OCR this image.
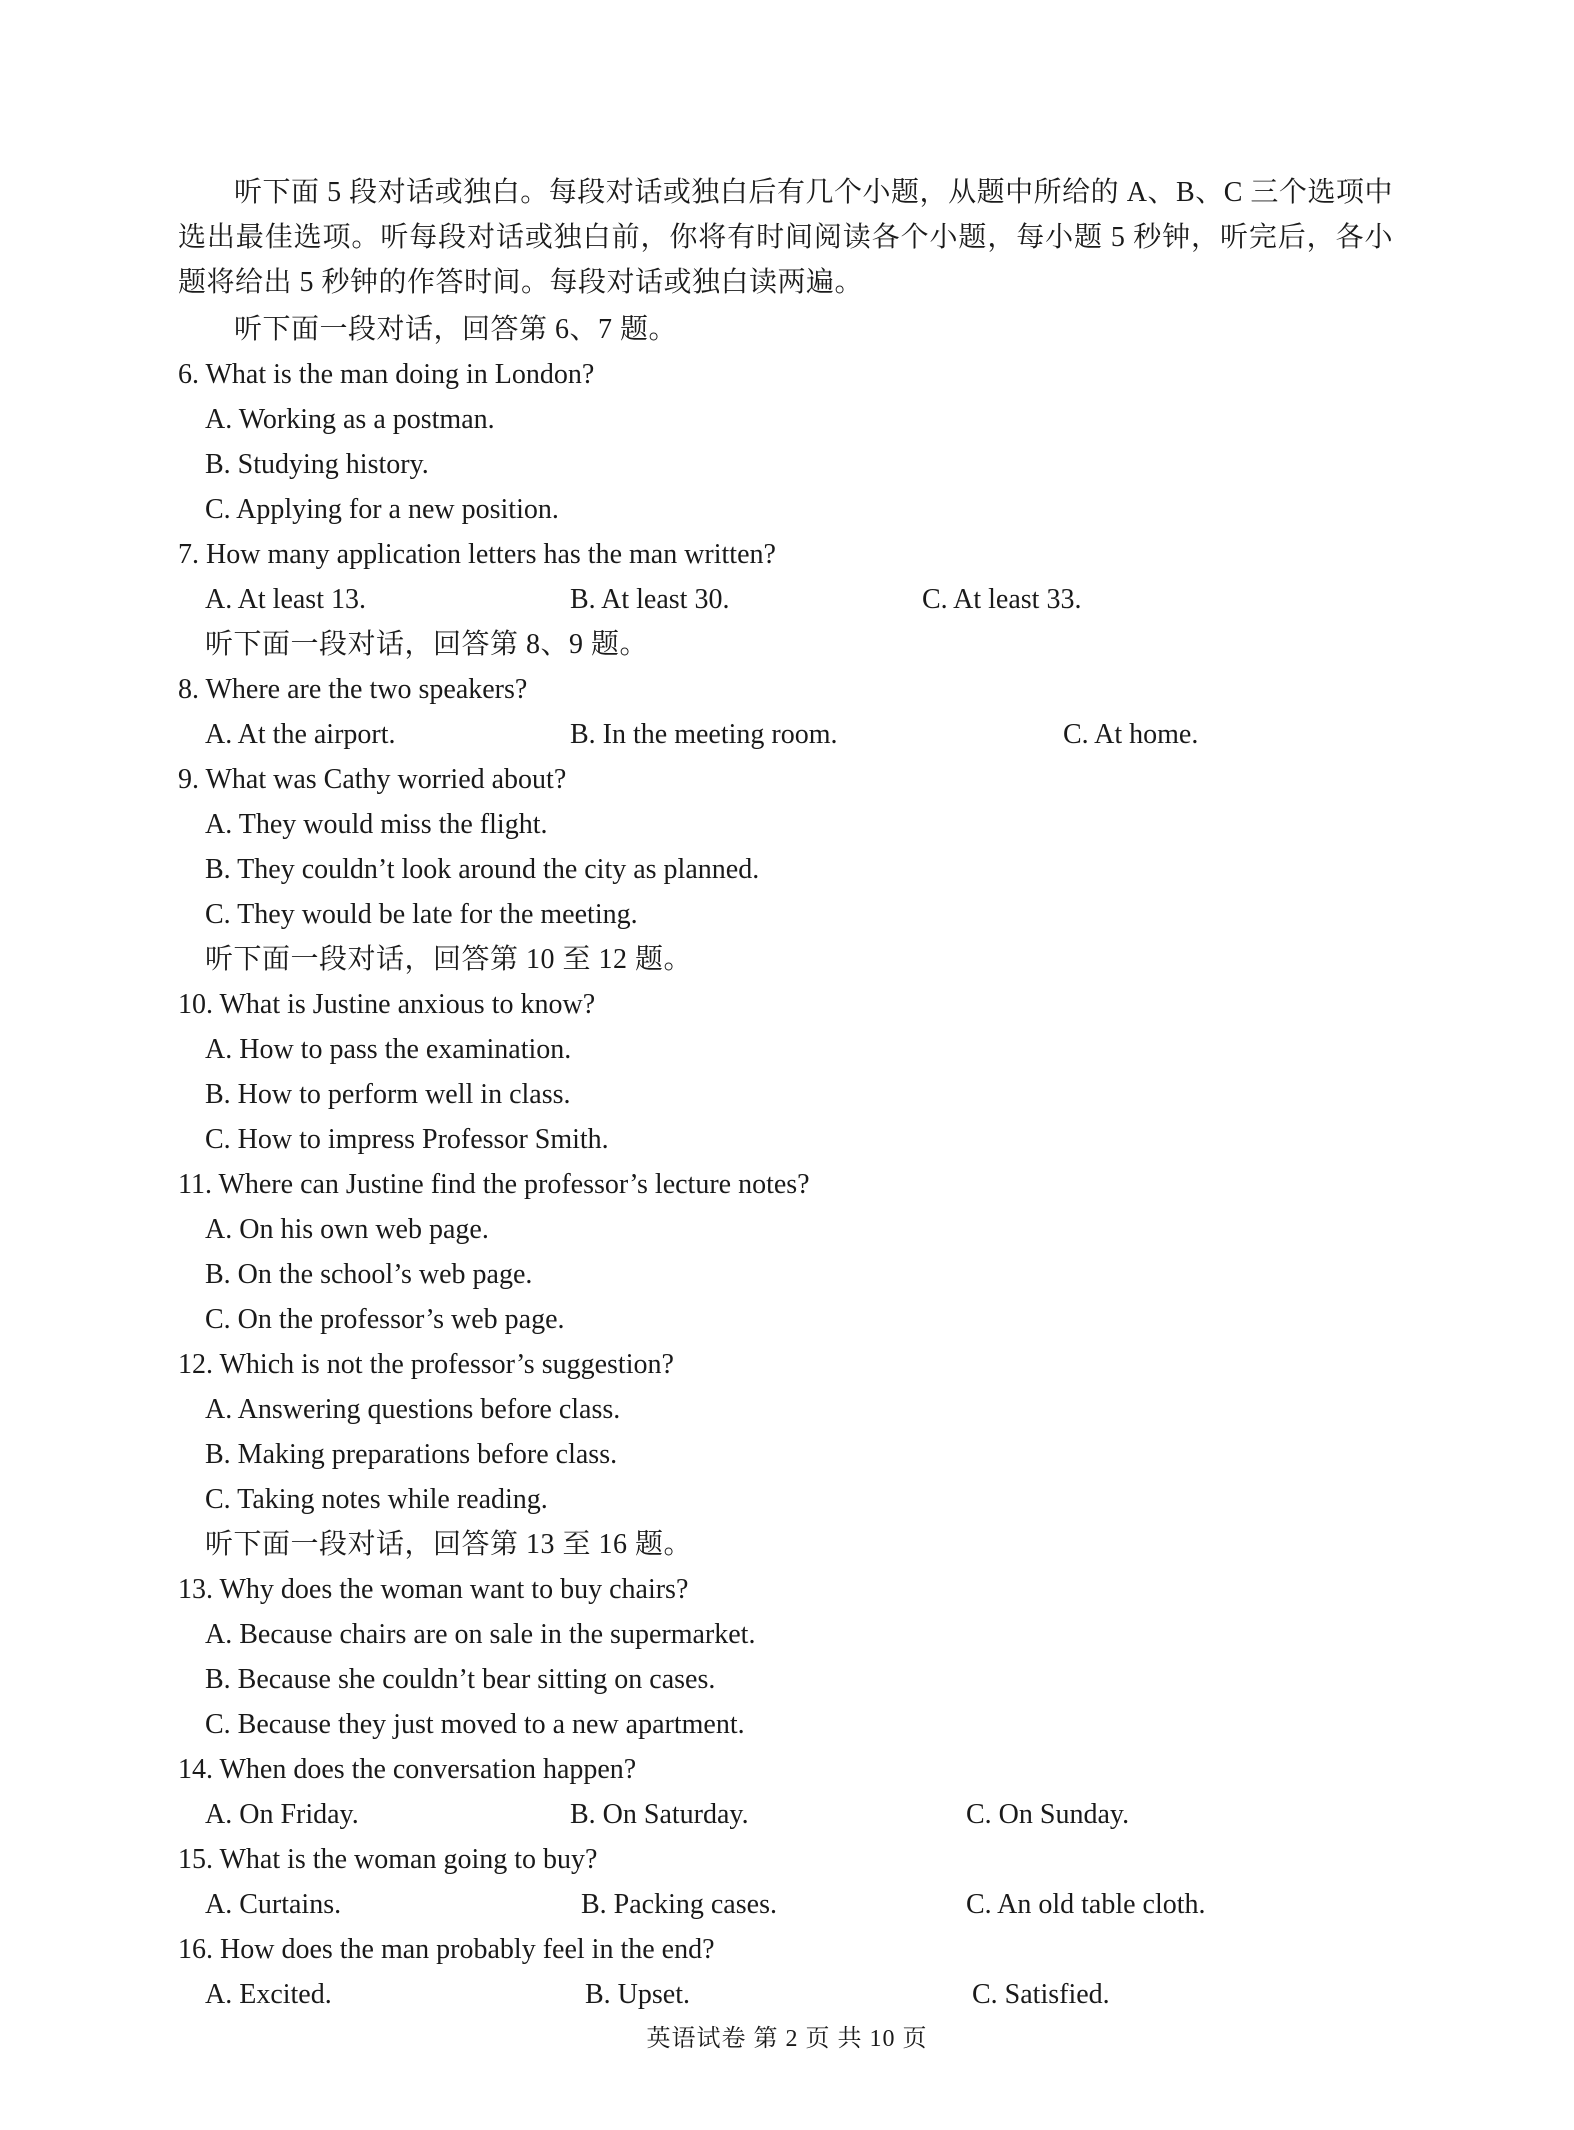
听下面 5 段对话或独白。每段对话或独白后有几个小题，从题中所给的 A、B、C 三个选项中选出最佳选项。听每段对话或独白前，你将有时间阅读各个小题，每小题 5 秒钟，听完后，各小题将给出 5 秒钟的作答时间。每段对话或独白读两遍。
听下面一段对话，回答第 6、7 题。
6. What is the man doing in London?
A. Working as a postman.
B. Studying history.
C. Applying for a new position.
7. How many application letters has the man written?
A. At least 13.	B. At least 30.	C. At least 33.
听下面一段对话，回答第 8、9 题。
8. Where are the two speakers?
A. At the airport.	B. In the meeting room.	C. At home.
9. What was Cathy worried about?
A. They would miss the flight.
B. They couldn’t look around the city as planned.
C. They would be late for the meeting.
听下面一段对话，回答第 10 至 12 题。
10. What is Justine anxious to know?
A. How to pass the examination.
B. How to perform well in class.
C. How to impress Professor Smith.
11. Where can Justine find the professor’s lecture notes?
A. On his own web page.
B. On the school’s web page.
C. On the professor’s web page.
12. Which is not the professor’s suggestion?
A. Answering questions before class.
B. Making preparations before class.
C. Taking notes while reading.
听下面一段对话，回答第 13 至 16 题。
13. Why does the woman want to buy chairs?
A. Because chairs are on sale in the supermarket.
B. Because she couldn’t bear sitting on cases.
C. Because they just moved to a new apartment.
14. When does the conversation happen?
A. On Friday.	B. On Saturday.	C. On Sunday.
15. What is the woman going to buy?
A. Curtains.	B. Packing cases.	C. An old table cloth.
16. How does the man probably feel in the end?
A. Excited.	B. Upset.	C. Satisfied.
英语试卷 第 2 页 共 10 页
